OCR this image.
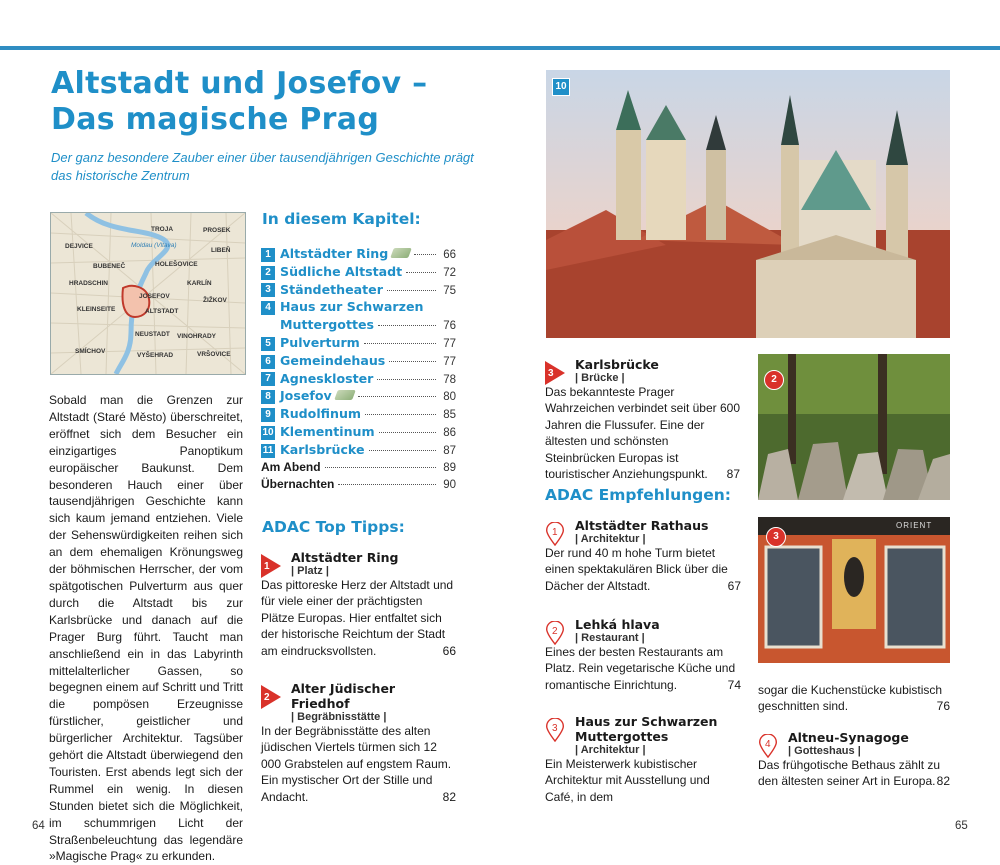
Altstadt und Josefov –
Das magische Prag
Der ganz besondere Zauber einer über tausendjährigen Geschichte prägt das historische Zentrum
TROJA	PROSEK
DEJVICE
LIBEŇ
Moldau (Vltava)
BUBENEČ	HOLEŠOVICE
HRADSCHIN	KARLÍN
JOSEFOV
ŽIŽKOV
KLEINSEITE	ALTSTADT
NEUSTADT VINOHRADY
SMÍCHOV
VYŠEHRAD	VRŠOVICE
Sobald man die Grenzen zur Altstadt (Staré Město) überschreitet, eröffnet sich dem Besucher ein einzigartiges Panoptikum europäischer Baukunst. Dem besonderen Hauch einer über tausendjährigen Geschichte kann sich kaum jemand entziehen. Viele der Sehenswürdigkeiten reihen sich an dem ehemaligen Krönungsweg der böhmischen Herrscher, der vom spätgotischen Pulverturm aus quer durch die Altstadt bis zur Karlsbrücke und danach auf die Prager Burg führt. Taucht man anschließend ein in das Labyrinth mittelalterlicher Gassen, so begegnen einem auf Schritt und Tritt die pompösen Erzeugnisse fürstlicher, geistlicher und bürgerlicher Architektur. Tagsüber gehört die Altstadt überwiegend den Touristen. Erst abends legt sich der Rummel ein wenig. In diesen Stunden bietet sich die Möglichkeit, im schummrigen Licht der Straßenbeleuchtung das legendäre »Magische Prag« zu erkunden.
In diesem Kapitel:
1 Altstädter Ring	66
2 Südliche Altstadt	72
3 Ständetheater	75
4 Haus zur Schwarzen
Muttergottes	76
5 Pulverturm	77
6 Gemeindehaus	77
7 Agneskloster	78
8 Josefov	80
9 Rudolfinum	85
10 Klementinum	86
11 Karlsbrücke	87
Am Abend	89
Übernachten	90
ADAC Top Tipps:
1
Altstädter Ring
| Platz |
Das pittoreske Herz der Altstadt und für viele einer der prächtigsten Plätze Europas. Hier entfaltet sich der historische Reichtum der Stadt am eindrucksvollsten.	66
2
Alter Jüdischer Friedhof
| Begräbnisstätte |
In der Begräbnisstätte des alten jüdischen Viertels türmen sich 12 000 Grabstelen auf engstem Raum. Ein mystischer Ort der Stille und Andacht.	82
64
10
3
Karlsbrücke
| Brücke |
Das bekannteste Prager Wahrzeichen verbindet seit über 600 Jahren die Flussufer. Eine der ältesten und schönsten Steinbrücken Europas ist touristischer Anziehungspunkt. 87
ADAC Empfehlungen:
1 Altstädter Rathaus
| Architektur |
Der rund 40 m hohe Turm bietet einen spektakulären Blick über die Dächer der Altstadt.	67
2 Lehká hlava
| Restaurant |
Eines der besten Restaurants am Platz. Rein vegetarische Küche und romantische Einrichtung.	74
3 Haus zur Schwarzen Muttergottes
| Architektur |
Ein Meisterwerk kubistischer Architektur mit Ausstellung und Café, in dem
2
ORIENT
3
sogar die Kuchenstücke kubistisch geschnitten sind.	76
4 Altneu-Synagoge
| Gotteshaus |
Das frühgotische Bethaus zählt zu den ältesten seiner Art in Europa. 82
65
